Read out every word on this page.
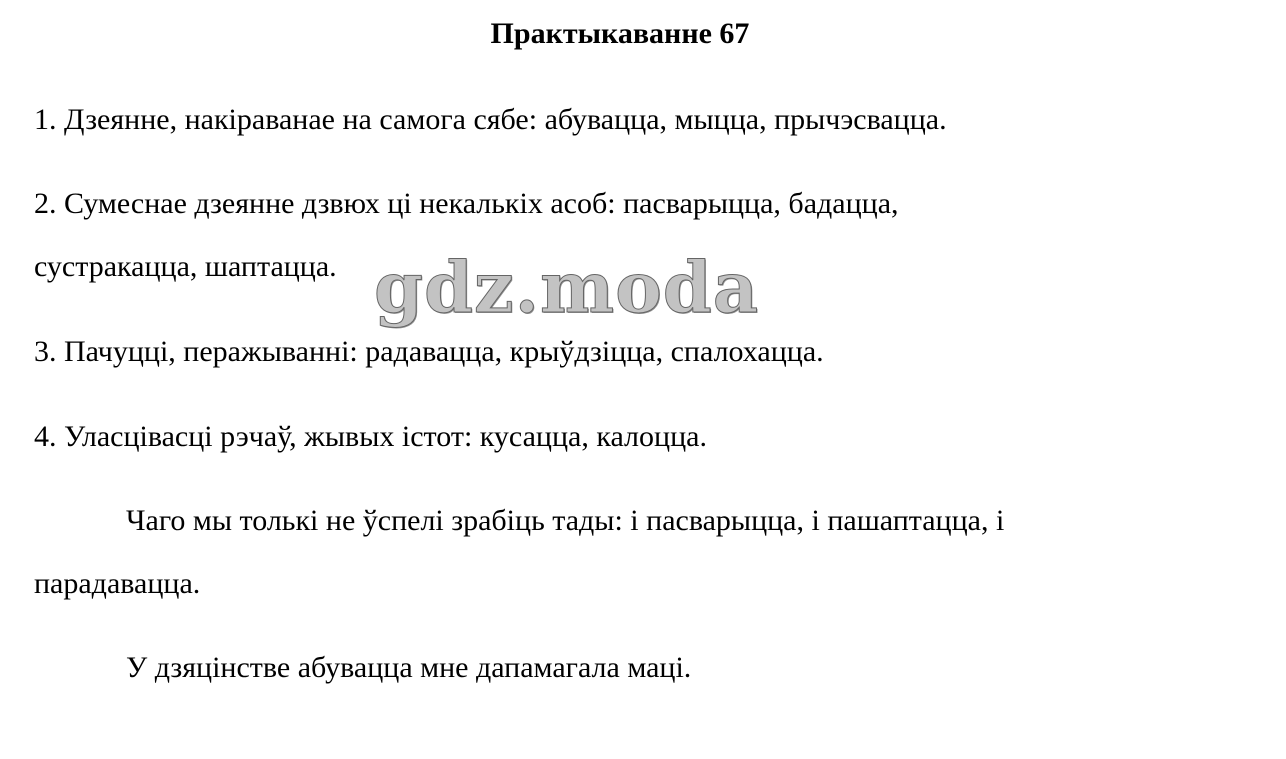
Практыкаванне 67
1. Дзеянне, накіраванае на самога сябе: абувацца, мыцца, прычэсвацца.
2. Сумеснае дзеянне дзвюх ці некалькіх асоб: пасварыцца, бадацца,
сустракацца, шаптацца.
3. Пачуцці, перажыванні: радавацца, крыўдзіцца, спалохацца.
4. Уласцівасці рэчаў, жывых істот: кусацца, калоцца.
Чаго мы толькі не ўспелі зрабіць тады: і пасварыцца, і пашаптацца, і
парадавацца.
У дзяцінстве абувацца мне дапамагала маці.
gdz.moda
